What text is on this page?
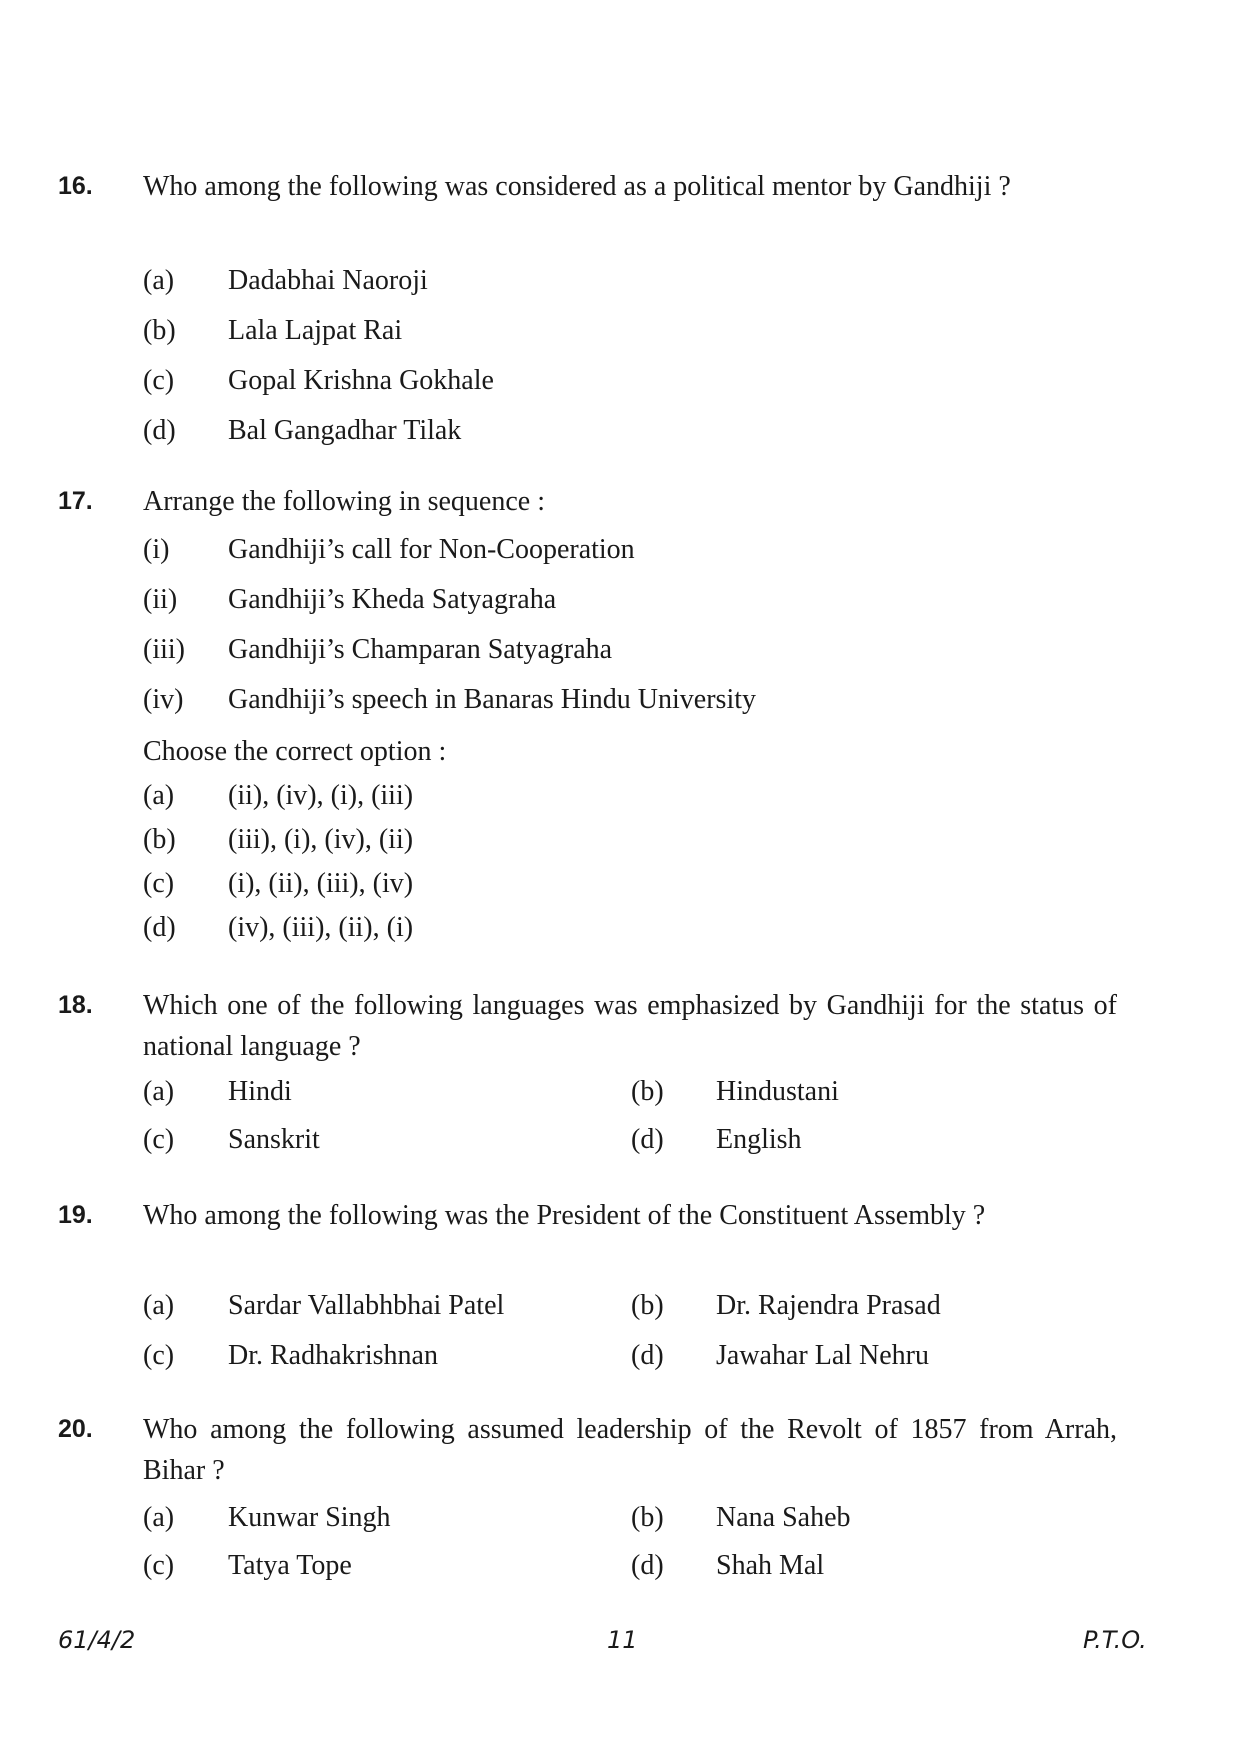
16. Who among the following was considered as a political mentor by Gandhiji ?

(a) Dadabhai Naoroji
(b) Lala Lajpat Rai
(c) Gopal Krishna Gokhale
(d) Bal Gangadhar Tilak
17. Arrange the following in sequence :

(i) Gandhiji’s call for Non-Cooperation
(ii) Gandhiji’s Kheda Satyagraha
(iii) Gandhiji’s Champaran Satyagraha
(iv) Gandhiji’s speech in Banaras Hindu University
Choose the correct option :
(a) (ii), (iv), (i), (iii)
(b) (iii), (i), (iv), (ii)
(c) (i), (ii), (iii), (iv)
(d) (iv), (iii), (ii), (i)
18. Which one of the following languages was emphasized by Gandhiji for the status of national language ?

(a) Hindi	(b) Hindustani
(c) Sanskrit	(d) English
19. Who among the following was the President of the Constituent Assembly ?

(a) Sardar Vallabhbhai Patel	(b) Dr. Rajendra Prasad
(c) Dr. Radhakrishnan	(d) Jawahar Lal Nehru
20. Who among the following assumed leadership of the Revolt of 1857 from Arrah, Bihar ?

(a) Kunwar Singh	(b) Nana Saheb
(c) Tatya Tope	(d) Shah Mal
61/4/2	11	P.T.O.
